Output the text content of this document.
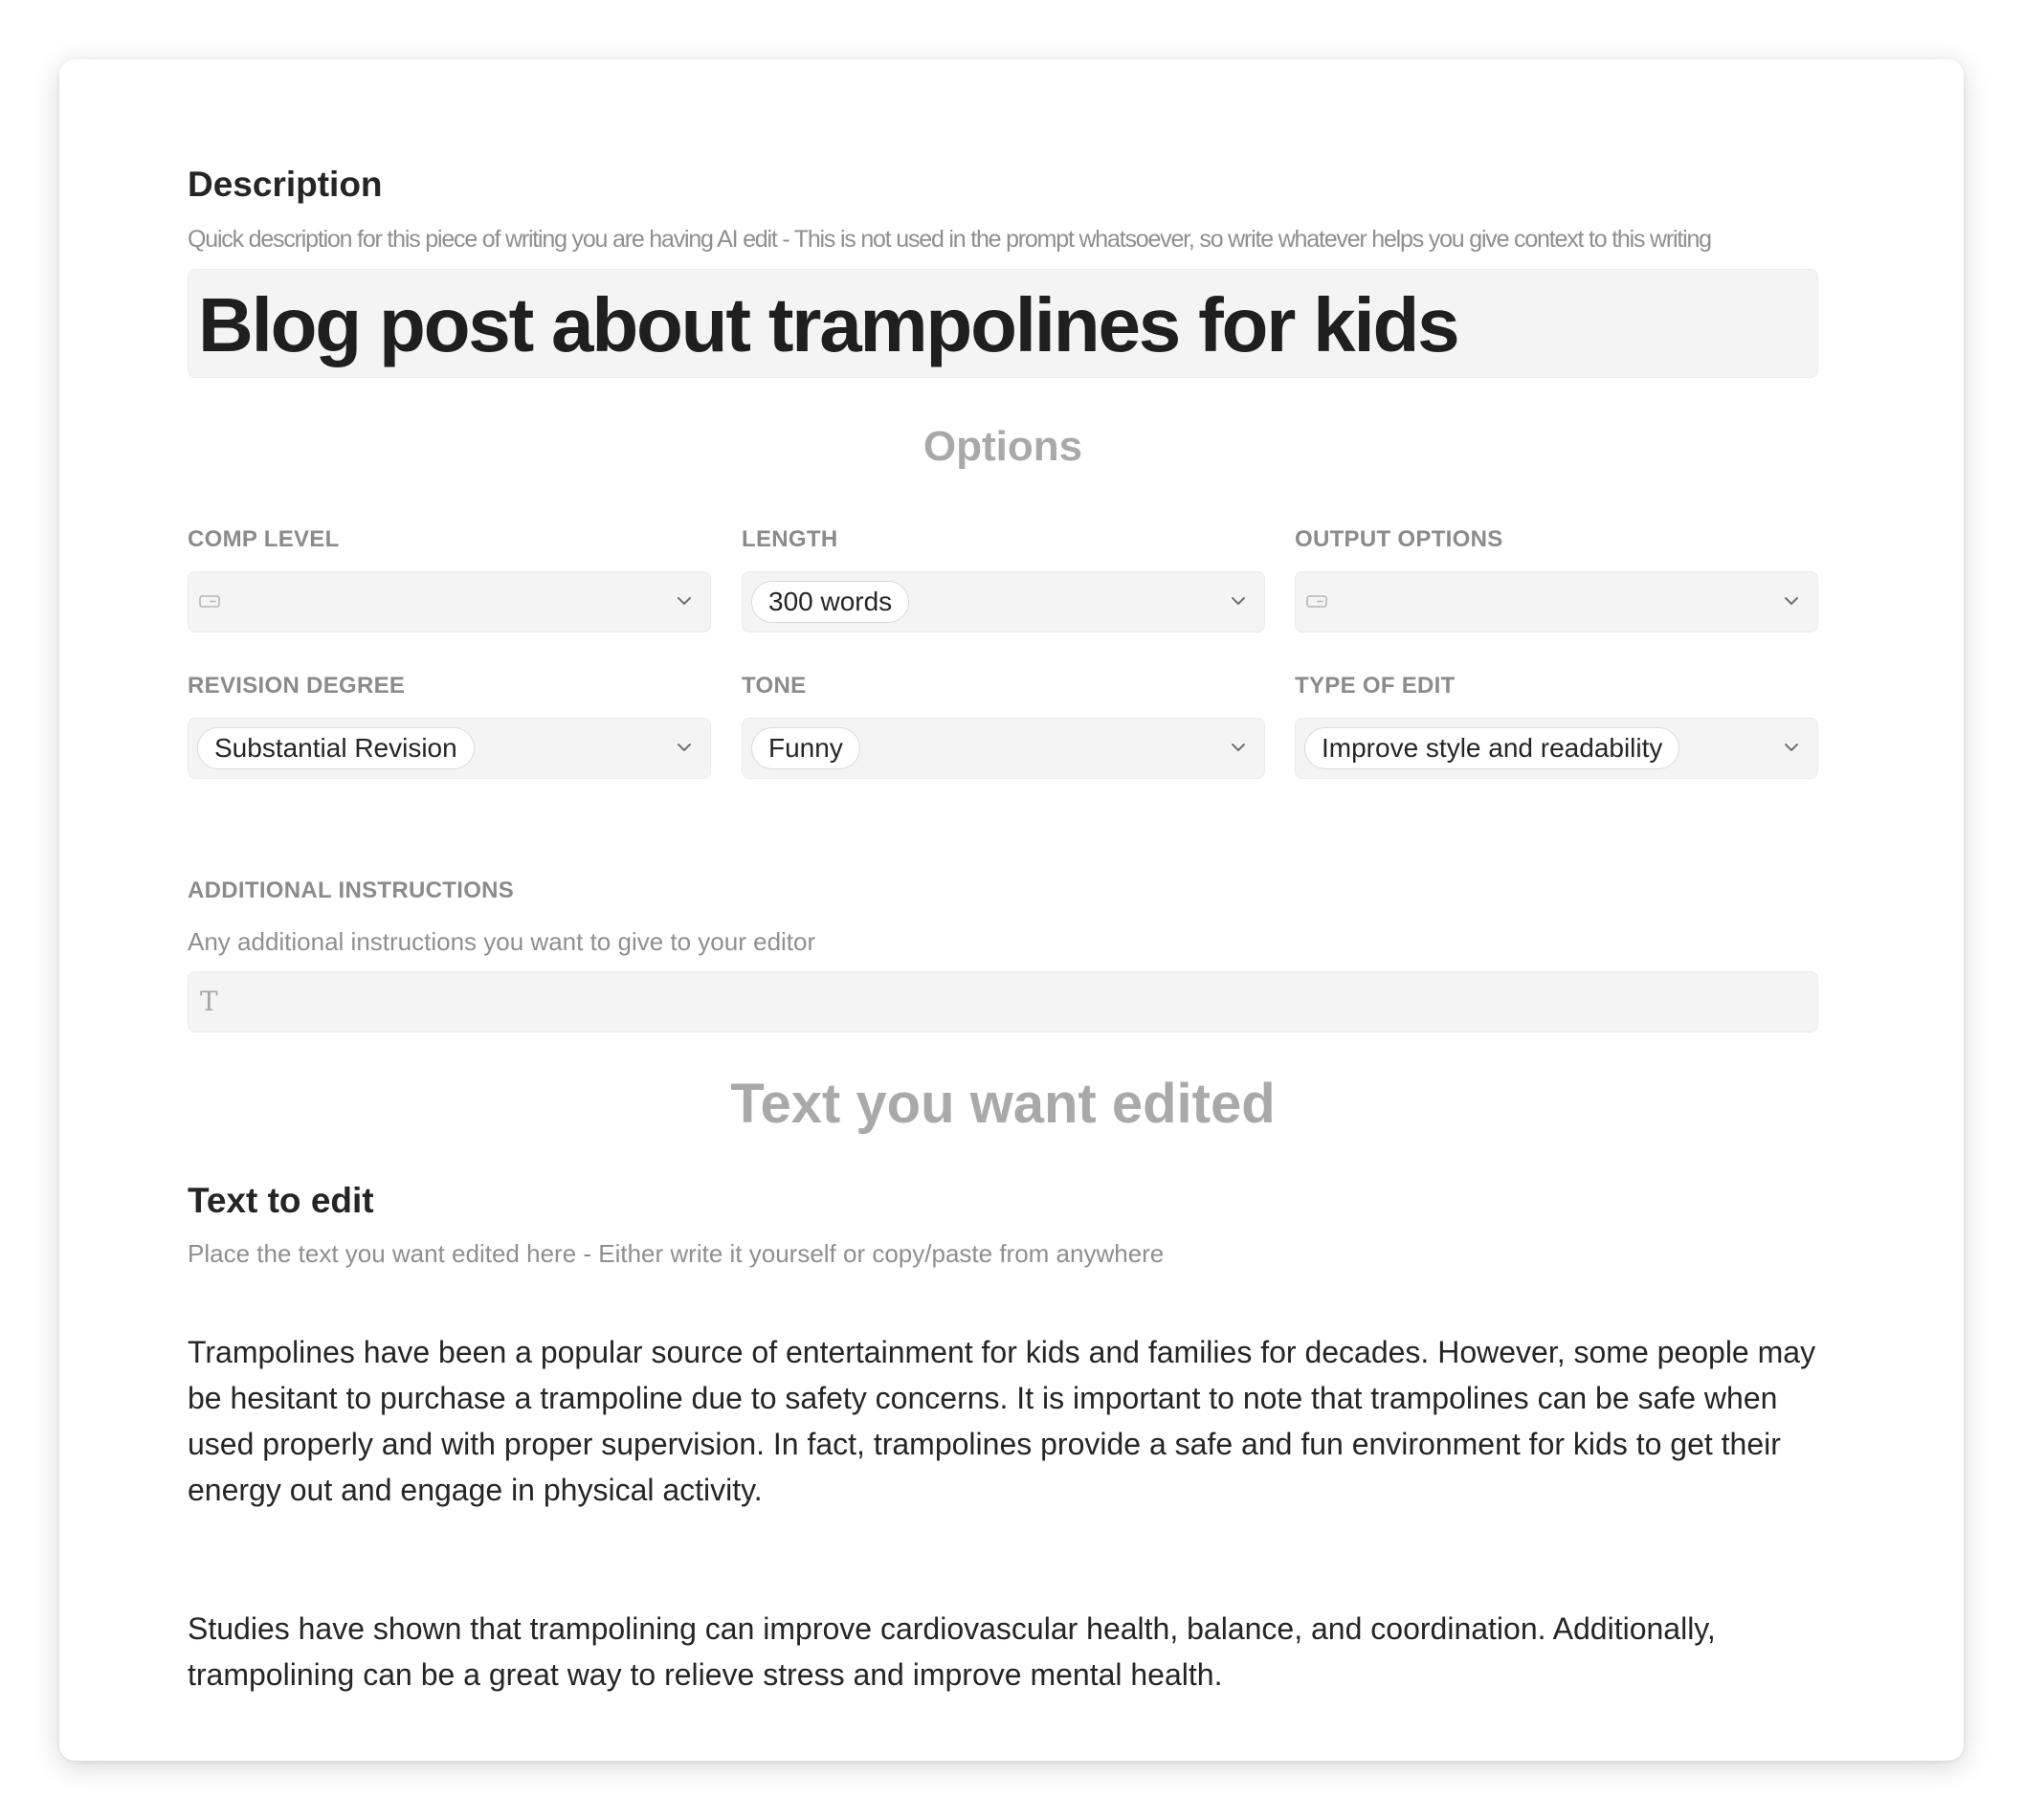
Description

Quick description for this piece of writing you are having AI edit - This is not used in the prompt whatsoever, so write whatever helps you give context to this writing

Blog post about trampolines for kids
Options

COMP LEVEL	LENGTH

300 words

OUTPUT OPTIONS

REVISION DEGREE

Substantial Revision

TONE

Funny

TYPE OF EDIT

Improve style and readability

ADDITIONAL INSTRUCTIONS

Any additional instructions you want to give to your editor

T
Text you want edited
Text to edit

Place the text you want edited here - Either write it yourself or copy/paste from anywhere

Trampolines have been a popular source of entertainment for kids and families for decades. However, some people may be hesitant to purchase a trampoline due to safety concerns. It is important to note that trampolines can be safe when used properly and with proper supervision. In fact, trampolines provide a safe and fun environment for kids to get their energy out and engage in physical activity.

Studies have shown that trampolining can improve cardiovascular health, balance, and coordination. Additionally, trampolining can be a great way to relieve stress and improve mental health.
